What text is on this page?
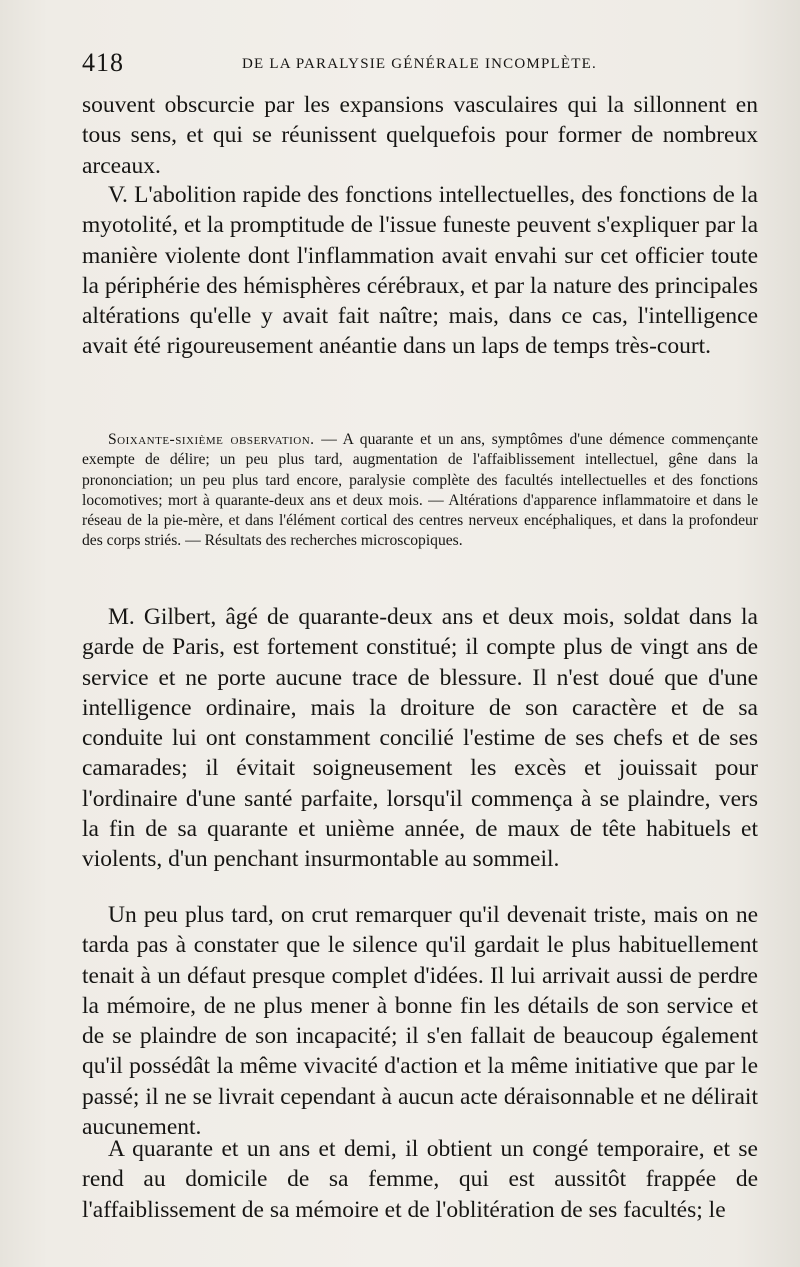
418	DE LA PARALYSIE GÉNÉRALE INCOMPLÈTE.
souvent obscurcie par les expansions vasculaires qui la sillonnent en tous sens, et qui se réunissent quelquefois pour former de nombreux arceaux.
V. L'abolition rapide des fonctions intellectuelles, des fonctions de la myotolité, et la promptitude de l'issue funeste peuvent s'expliquer par la manière violente dont l'inflammation avait envahi sur cet officier toute la périphérie des hémisphères cérébraux, et par la nature des principales altérations qu'elle y avait fait naître; mais, dans ce cas, l'intelligence avait été rigoureusement anéantie dans un laps de temps très-court.
Soixante-sixième observation. — A quarante et un ans, symptômes d'une démence commençante exempte de délire; un peu plus tard, augmentation de l'affaiblissement intellectuel, gêne dans la prononciation; un peu plus tard encore, paralysie complète des facultés intellectuelles et des fonctions locomotives; mort à quarante-deux ans et deux mois. — Altérations d'apparence inflammatoire et dans le réseau de la pie-mère, et dans l'élément cortical des centres nerveux encéphaliques, et dans la profondeur des corps striés. — Résultats des recherches microscopiques.
M. Gilbert, âgé de quarante-deux ans et deux mois, soldat dans la garde de Paris, est fortement constitué; il compte plus de vingt ans de service et ne porte aucune trace de blessure. Il n'est doué que d'une intelligence ordinaire, mais la droiture de son caractère et de sa conduite lui ont constamment concilié l'estime de ses chefs et de ses camarades; il évitait soigneusement les excès et jouissait pour l'ordinaire d'une santé parfaite, lorsqu'il commença à se plaindre, vers la fin de sa quarante et unième année, de maux de tête habituels et violents, d'un penchant insurmontable au sommeil.
Un peu plus tard, on crut remarquer qu'il devenait triste, mais on ne tarda pas à constater que le silence qu'il gardait le plus habituellement tenait à un défaut presque complet d'idées. Il lui arrivait aussi de perdre la mémoire, de ne plus mener à bonne fin les détails de son service et de se plaindre de son incapacité; il s'en fallait de beaucoup également qu'il possédât la même vivacité d'action et la même initiative que par le passé; il ne se livrait cependant à aucun acte déraisonnable et ne délirait aucunement.
A quarante et un ans et demi, il obtient un congé temporaire, et se rend au domicile de sa femme, qui est aussitôt frappée de l'affaiblissement de sa mémoire et de l'oblitération de ses facultés; le
